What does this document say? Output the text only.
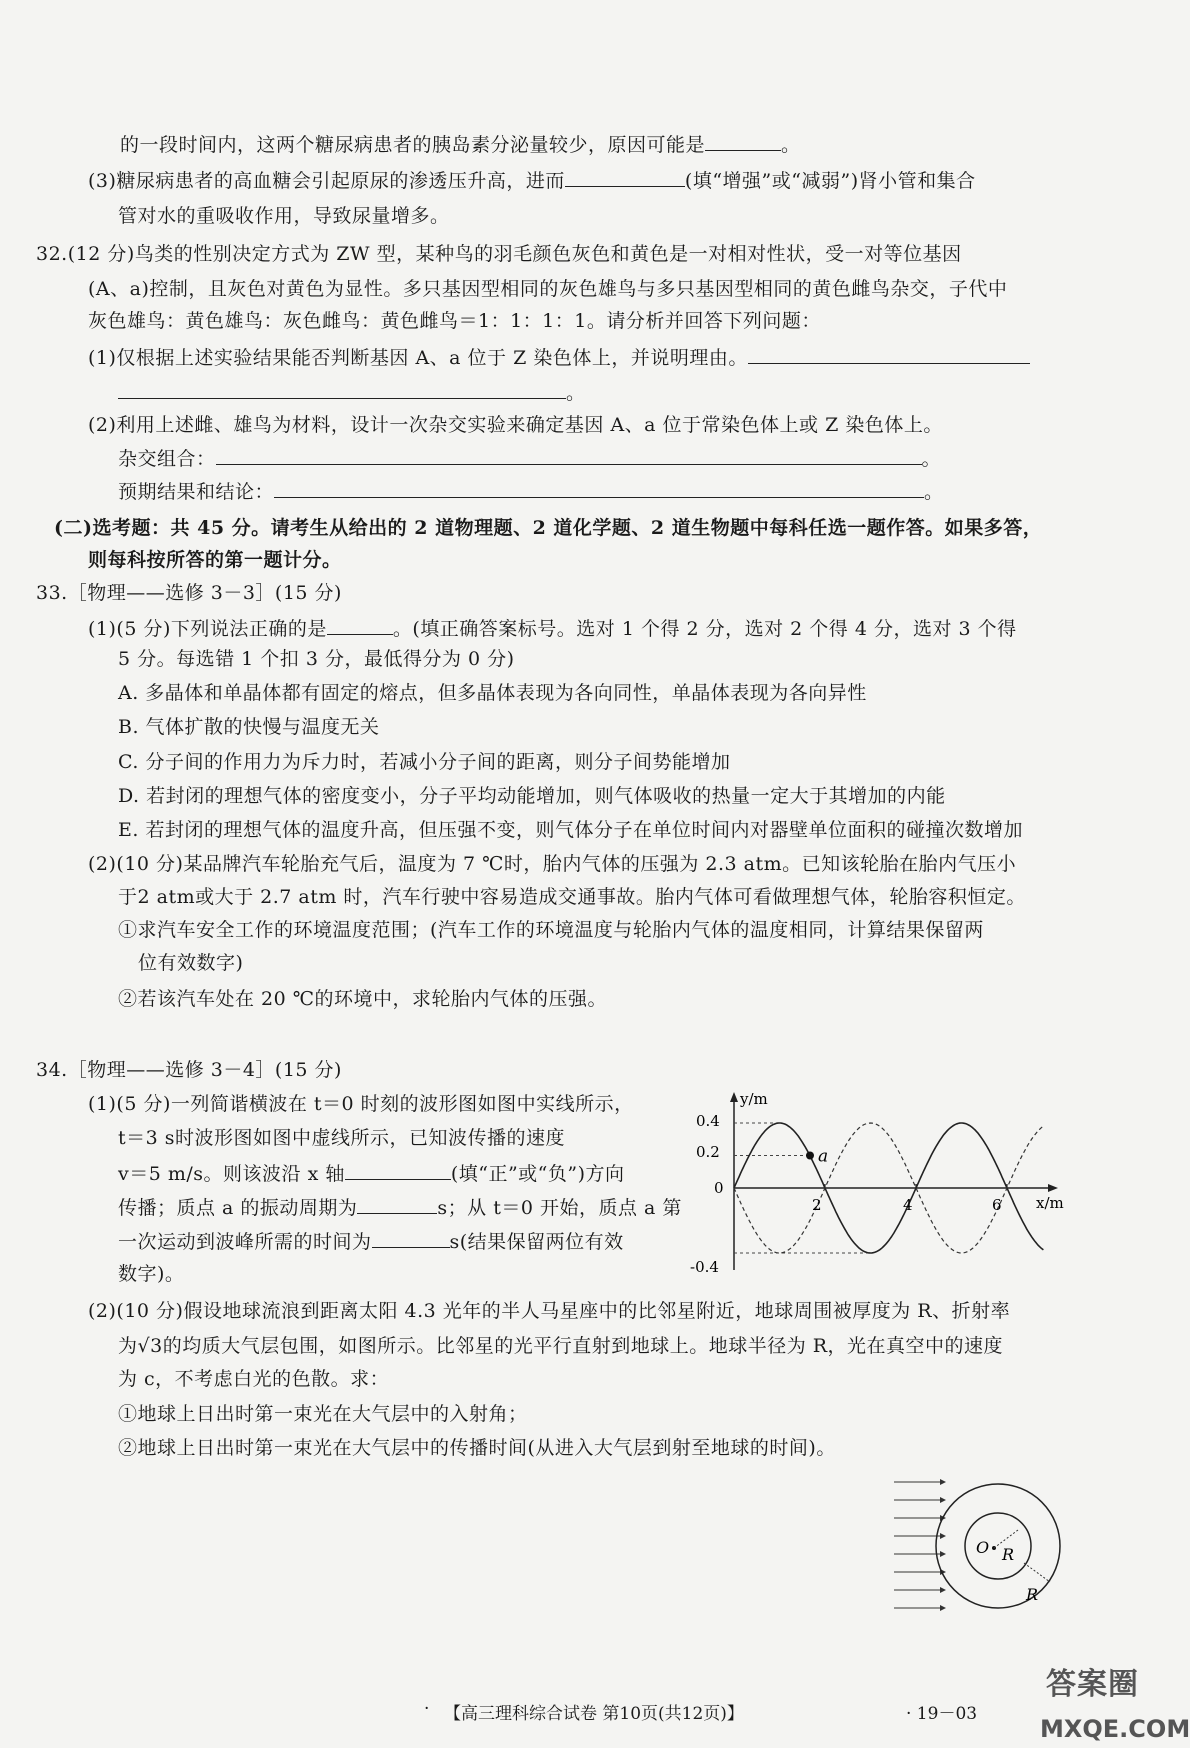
的一段时间内，这两个糖尿病患者的胰岛素分泌量较少，原因可能是	。
(3)糖尿病患者的高血糖会引起原尿的渗透压升高，进而	(填“增强”或“减弱”)肾小管和集合
管对水的重吸收作用，导致尿量增多。
32.(12 分)鸟类的性别决定方式为 ZW 型，某种鸟的羽毛颜色灰色和黄色是一对相对性状，受一对等位基因
(A、a)控制，且灰色对黄色为显性。多只基因型相同的灰色雄鸟与多只基因型相同的黄色雌鸟杂交，子代中
灰色雄鸟：黄色雄鸟：灰色雌鸟：黄色雌鸟＝1：1：1：1。请分析并回答下列问题：
(1)仅根据上述实验结果能否判断基因 A、a 位于 Z 染色体上，并说明理由。
。
(2)利用上述雌、雄鸟为材料，设计一次杂交实验来确定基因 A、a 位于常染色体上或 Z 染色体上。
杂交组合：	。
预期结果和结论：	。
(二)选考题：共 45 分。请考生从给出的 2 道物理题、2 道化学题、2 道生物题中每科任选一题作答。如果多答，
则每科按所答的第一题计分。
33.［物理——选修 3－3］(15 分)
(1)(5 分)下列说法正确的是	。(填正确答案标号。选对 1 个得 2 分，选对 2 个得 4 分，选对 3 个得
5 分。每选错 1 个扣 3 分，最低得分为 0 分)
A. 多晶体和单晶体都有固定的熔点，但多晶体表现为各向同性，单晶体表现为各向异性
B. 气体扩散的快慢与温度无关
C. 分子间的作用力为斥力时，若减小分子间的距离，则分子间势能增加
D. 若封闭的理想气体的密度变小，分子平均动能增加，则气体吸收的热量一定大于其增加的内能
E. 若封闭的理想气体的温度升高，但压强不变，则气体分子在单位时间内对器壁单位面积的碰撞次数增加
(2)(10 分)某品牌汽车轮胎充气后，温度为 7 ℃时，胎内气体的压强为 2.3 atm。已知该轮胎在胎内气压小
于2 atm或大于 2.7 atm 时，汽车行驶中容易造成交通事故。胎内气体可看做理想气体，轮胎容积恒定。
①求汽车安全工作的环境温度范围；(汽车工作的环境温度与轮胎内气体的温度相同，计算结果保留两
位有效数字)
②若该汽车处在 20 ℃的环境中，求轮胎内气体的压强。
34.［物理——选修 3－4］(15 分)
(1)(5 分)一列简谐横波在 t＝0 时刻的波形图如图中实线所示，
t＝3 s时波形图如图中虚线所示，已知波传播的速度
v＝5 m/s。则该波沿 x 轴	(填“正”或“负”)方向
传播；质点 a 的振动周期为	s；从 t＝0 开始，质点 a 第
一次运动到波峰所需的时间为	s(结果保留两位有效
数字)。
(2)(10 分)假设地球流浪到距离太阳 4.3 光年的半人马星座中的比邻星附近，地球周围被厚度为 R、折射率
为√3的均质大气层包围，如图所示。比邻星的光平行直射到地球上。地球半径为 R，光在真空中的速度
为 c，不考虑白光的色散。求：
①地球上日出时第一束光在大气层中的入射角；
②地球上日出时第一束光在大气层中的传播时间(从进入大气层到射至地球的时间)。
a
y/m
x/m
0.4
0.2
0
-0.4
2	4	6
O R
R
· 【高三理科综合试卷 第10页(共12页)】	· 19－03
答案圈
MXQE.COM
